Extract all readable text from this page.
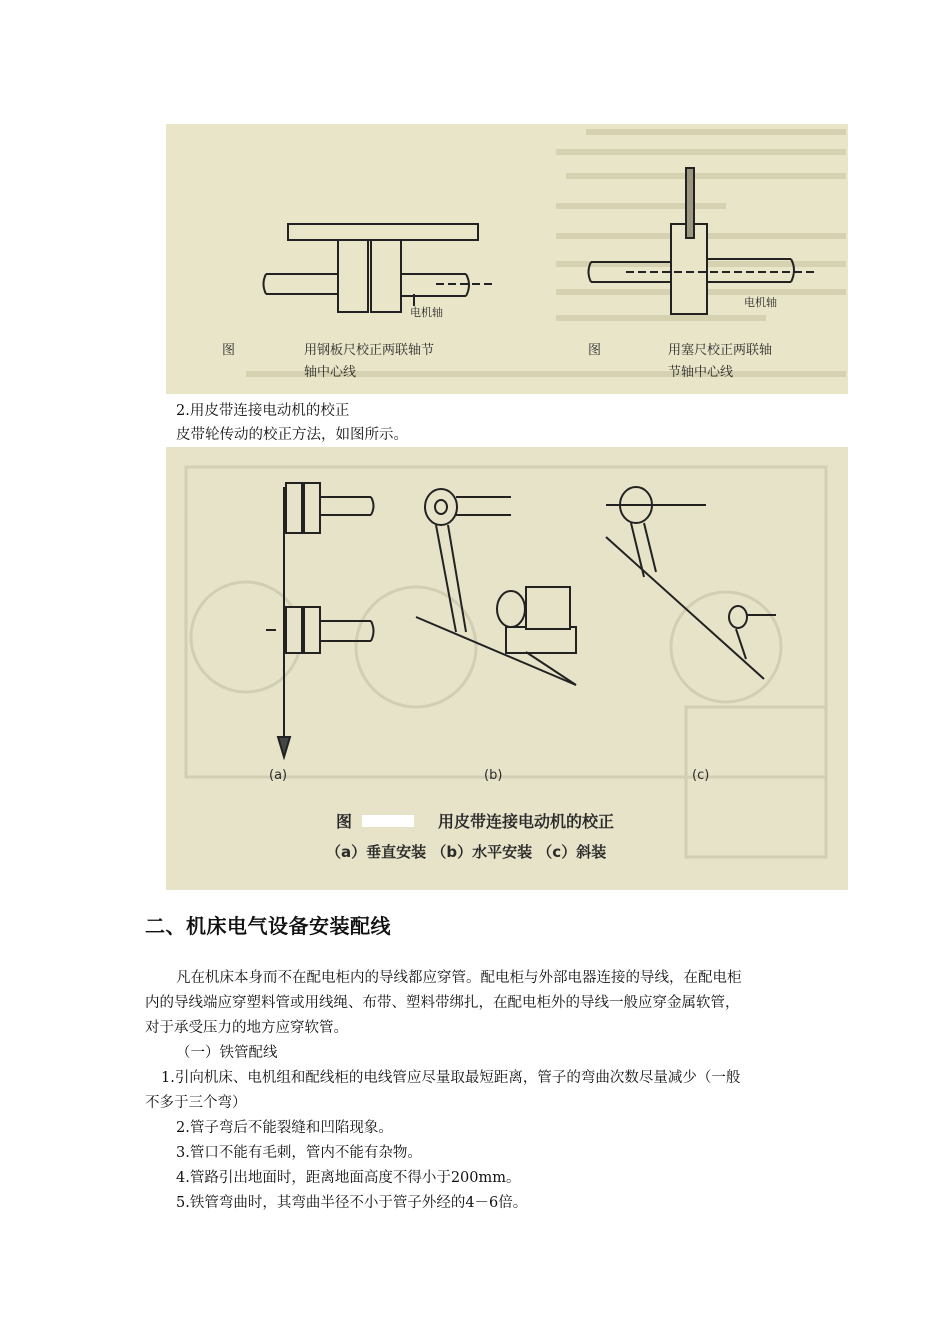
电机轴
电机轴
图	用钢板尺校正两联轴节
轴中心线
图	用塞尺校正两联轴
节轴中心线
2.用皮带连接电动机的校正
皮带轮传动的校正方法，如图所示。
(a)	(b)	(c)
图	用皮带连接电动机的校正
（a）垂直安装 （b）水平安装 （c）斜装
二、机床电气设备安装配线
凡在机床本身而不在配电柜内的导线都应穿管。配电柜与外部电器连接的导线，在配电柜
内的导线端应穿塑料管或用线绳、布带、塑料带绑扎，在配电柜外的导线一般应穿金属软管，
对于承受压力的地方应穿软管。
（一）铁管配线
1.引向机床、电机组和配线柜的电线管应尽量取最短距离，管子的弯曲次数尽量减少（一般
不多于三个弯）
2.管子弯后不能裂缝和凹陷现象。
3.管口不能有毛刺，管内不能有杂物。
4.管路引出地面时，距离地面高度不得小于200mm。
5.铁管弯曲时，其弯曲半径不小于管子外经的4－6倍。
